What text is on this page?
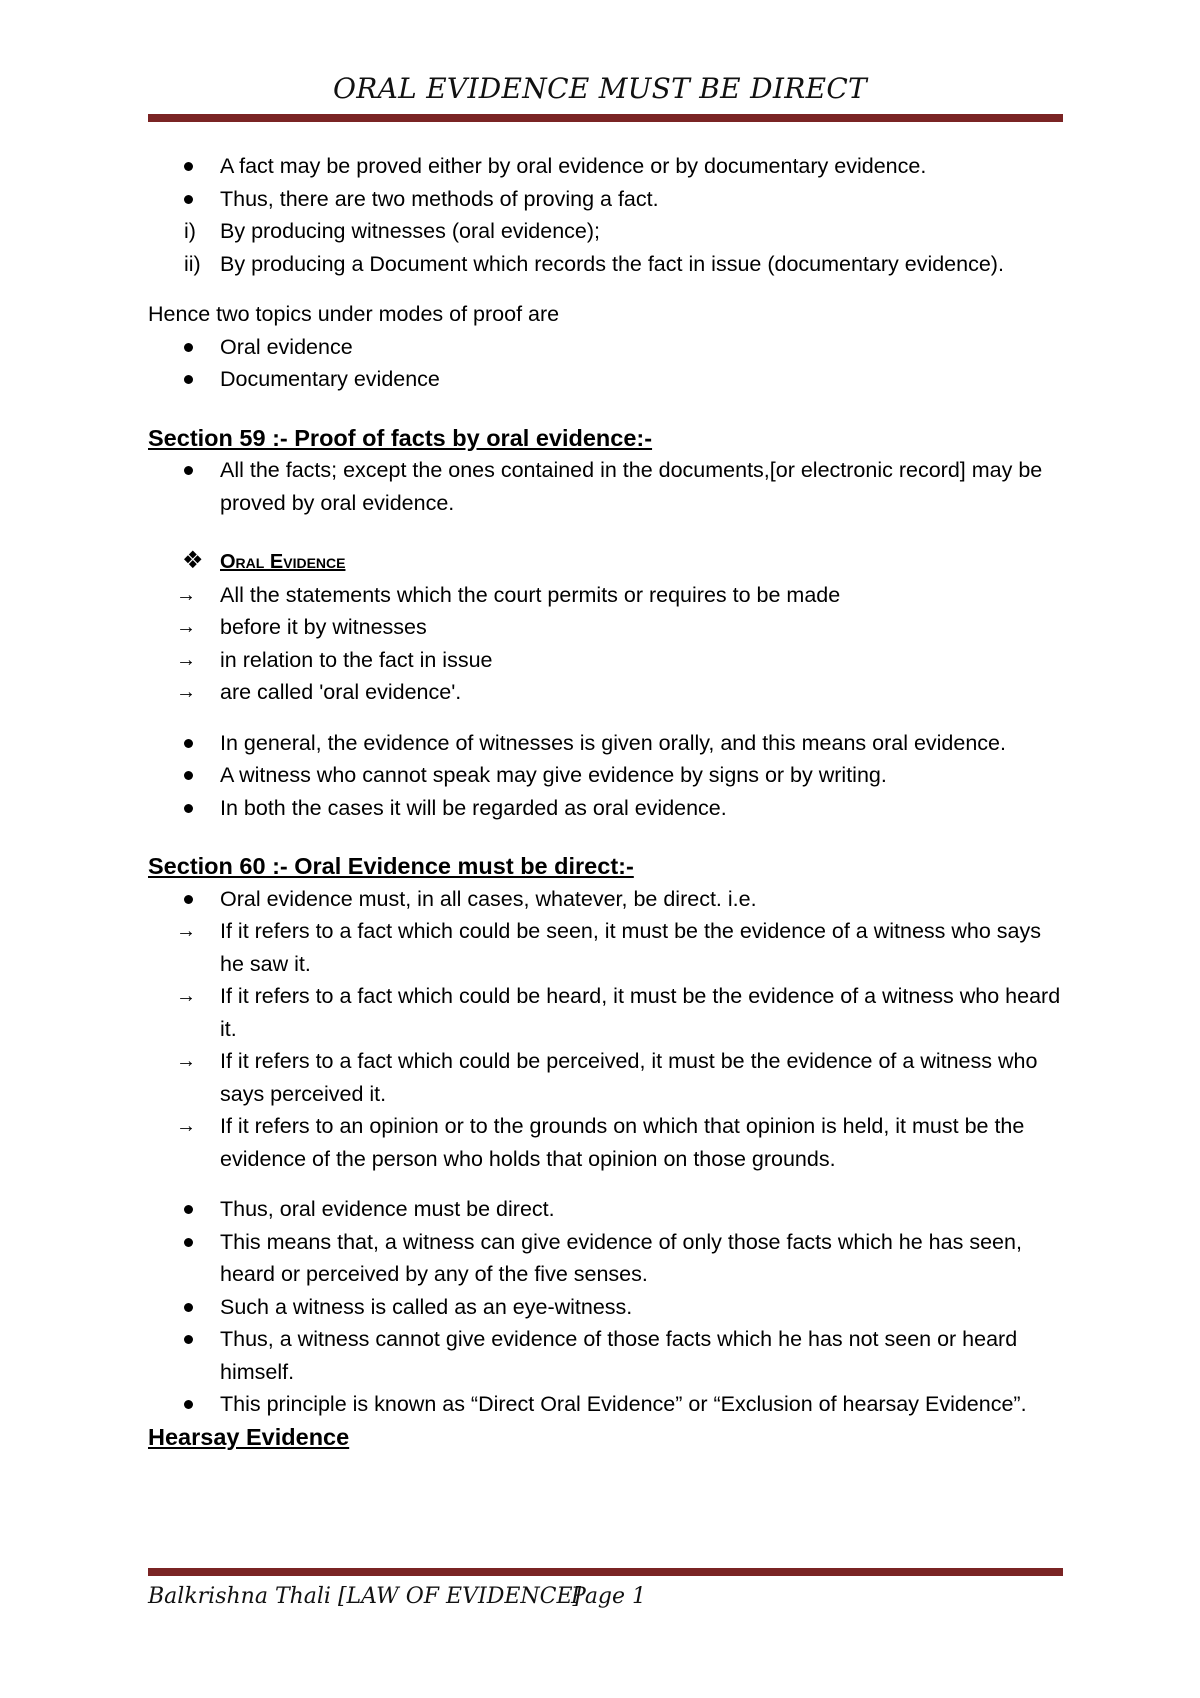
ORAL EVIDENCE MUST BE DIRECT
A fact may be proved either by oral evidence or by documentary evidence.
Thus, there are two methods of proving a fact.
i)	By producing witnesses (oral evidence);
ii) By producing a Document which records the fact in issue (documentary evidence).
Hence two topics under modes of proof are
Oral evidence
Documentary evidence
Section 59 :- Proof of facts by oral evidence:-
All the facts; except the ones contained in the documents,[or electronic record] may be proved by oral evidence.
❖ Oral Evidence
→	All the statements which the court permits or requires to be made
→	before it by witnesses
→	in relation to the fact in issue
→	are called 'oral evidence'.
In general, the evidence of witnesses is given orally, and this means oral evidence.
A witness who cannot speak may give evidence by signs or by writing.
In both the cases it will be regarded as oral evidence.
Section 60 :- Oral Evidence must be direct:-
Oral evidence must, in all cases, whatever, be direct. i.e.
→	If it refers to a fact which could be seen, it must be the evidence of a witness who says he saw it.
→	If it refers to a fact which could be heard, it must be the evidence of a witness who heard it.
→	If it refers to a fact which could be perceived, it must be the evidence of a witness who says perceived it.
→	If it refers to an opinion or to the grounds on which that opinion is held, it must be the evidence of the person who holds that opinion on those grounds.
Thus, oral evidence must be direct.
This means that, a witness can give evidence of only those facts which he has seen, heard or perceived by any of the five senses.
Such a witness is called as an eye-witness.
Thus, a witness cannot give evidence of those facts which he has not seen or heard himself.
This principle is known as “Direct Oral Evidence” or “Exclusion of hearsay Evidence”.
Hearsay Evidence
Balkrishna Thali [LAW OF EVIDENCE]
Page 1
